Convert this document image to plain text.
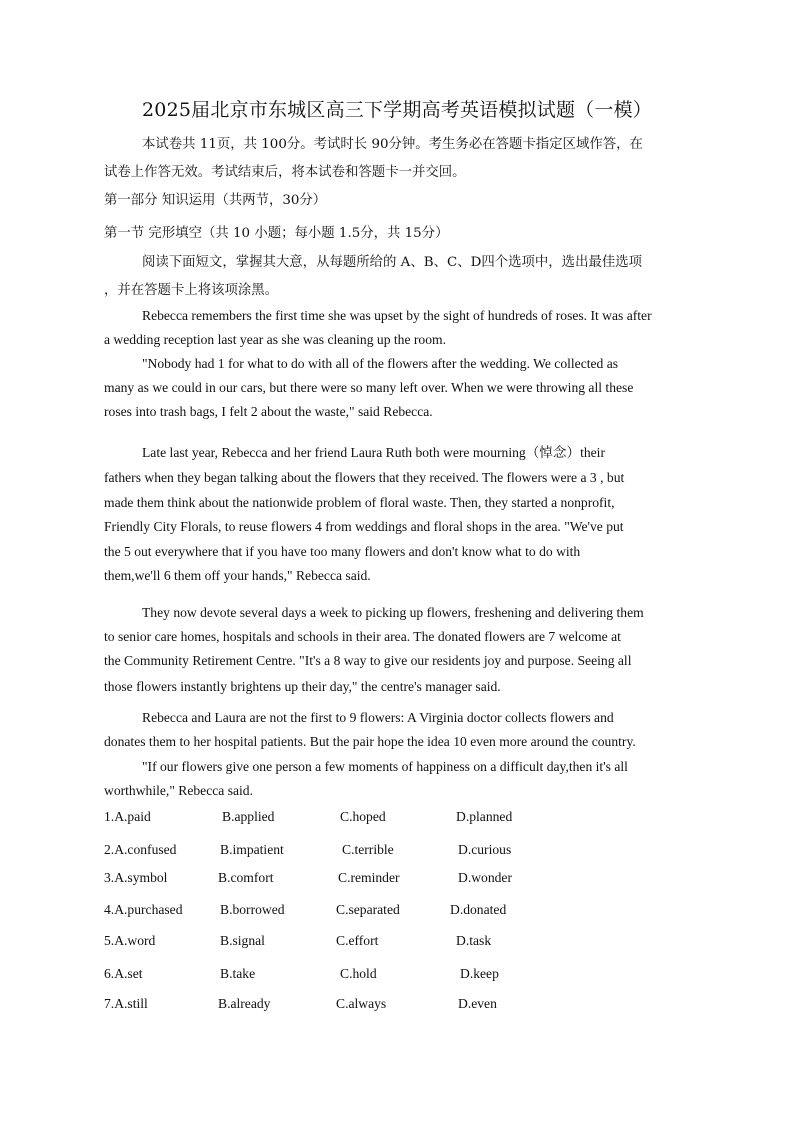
2025届北京市东城区高三下学期高考英语模拟试题（一模）
本试卷共 11页，共 100分。考试时长 90分钟。考生务必在答题卡指定区域作答，在
试卷上作答无效。考试结束后，将本试卷和答题卡一并交回。
第一部分 知识运用（共两节，30分）
第一节 完形填空（共 10 小题；每小题 1.5分，共 15分）
阅读下面短文，掌握其大意，从每题所给的 A、B、C、D四个选项中，选出最佳选项
，并在答题卡上将该项涂黑。
Rebecca remembers the first time she was upset by the sight of hundreds of roses. It was after
a wedding reception last year as she was cleaning up the room.
"Nobody had 1 for what to do with all of the flowers after the wedding. We collected as
many as we could in our cars, but there were so many left over. When we were throwing all these
roses into trash bags, I felt 2 about the waste," said Rebecca.
Late last year, Rebecca and her friend Laura Ruth both were mourning（悼念）their
fathers when they began talking about the flowers that they received. The flowers were a 3 , but
made them think about the nationwide problem of floral waste. Then, they started a nonprofit,
Friendly City Florals, to reuse flowers 4 from weddings and floral shops in the area. "We've put
the 5 out everywhere that if you have too many flowers and don't know what to do with
them,we'll 6 them off your hands," Rebecca said.
They now devote several days a week to picking up flowers, freshening and delivering them
to senior care homes, hospitals and schools in their area. The donated flowers are 7 welcome at
the Community Retirement Centre. "It's a 8 way to give our residents joy and purpose. Seeing all
those flowers instantly brightens up their day," the centre's manager said.
Rebecca and Laura are not the first to 9 flowers: A Virginia doctor collects flowers and
donates them to her hospital patients. But the pair hope the idea 10 even more around the country.
"If our flowers give one person a few moments of happiness on a difficult day,then it's all
worthwhile," Rebecca said.
1.A.paid	B.applied	C.hoped	D.planned
2.A.confused	B.impatient	C.terrible	D.curious
3.A.symbol	B.comfort	C.reminder	D.wonder
4.A.purchased	B.borrowed	C.separated	D.donated
5.A.word	B.signal	C.effort	D.task
6.A.set	B.take	C.hold	D.keep
7.A.still	B.already	C.always	D.even
